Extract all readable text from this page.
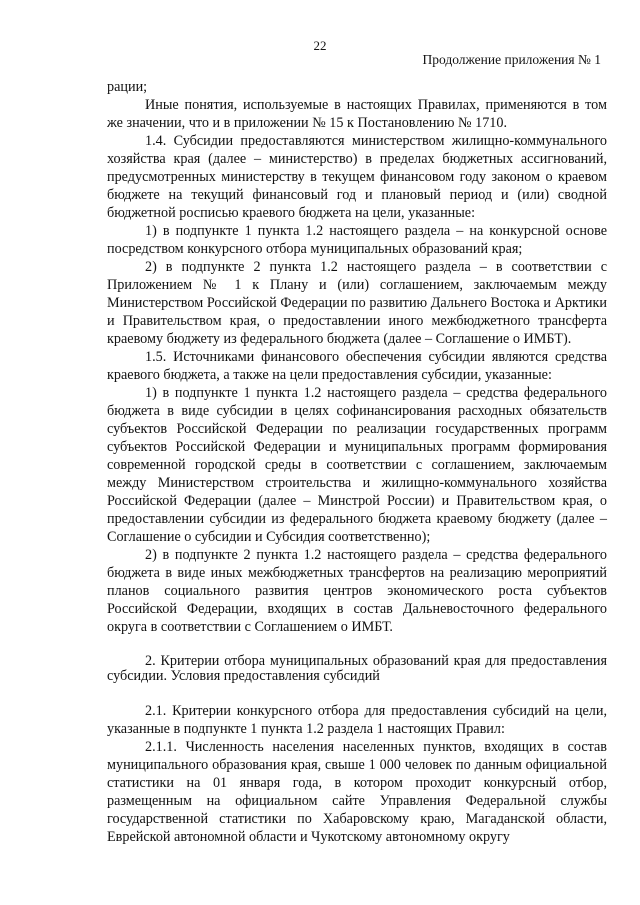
22
Продолжение приложения № 1

рации;

Иные понятия, используемые в настоящих Правилах, применяются в том же значении, что и в приложении № 15 к Постановлению № 1710.

1.4. Субсидии предоставляются министерством жилищно-коммунального хозяйства края (далее – министерство) в пределах бюджетных ассигнований, предусмотренных министерству в текущем финансовом году законом о краевом бюджете на текущий финансовый год и плановый период и (или) сводной бюджетной росписью краевого бюджета на цели, указанные:

1) в подпункте 1 пункта 1.2 настоящего раздела – на конкурсной основе посредством конкурсного отбора муниципальных образований края;

2) в подпункте 2 пункта 1.2 настоящего раздела – в соответствии с Приложением № 1 к Плану и (или) соглашением, заключаемым между Министерством Российской Федерации по развитию Дальнего Востока и Арктики и Правительством края, о предоставлении иного межбюджетного трансферта краевому бюджету из федерального бюджета (далее – Соглашение о ИМБТ).

1.5. Источниками финансового обеспечения субсидии являются средства краевого бюджета, а также на цели предоставления субсидии, указанные:

1) в подпункте 1 пункта 1.2 настоящего раздела – средства федерального бюджета в виде субсидии в целях софинансирования расходных обязательств субъектов Российской Федерации по реализации государственных программ субъектов Российской Федерации и муниципальных программ формирования современной городской среды в соответствии с соглашением, заключаемым между Министерством строительства и жилищно-коммунального хозяйства Российской Федерации (далее – Минстрой России) и Правительством края, о предоставлении субсидии из федерального бюджета краевому бюджету (далее – Соглашение о субсидии и Субсидия соответственно);

2) в подпункте 2 пункта 1.2 настоящего раздела – средства федерального бюджета в виде иных межбюджетных трансфертов на реализацию мероприятий планов социального развития центров экономического роста субъектов Российской Федерации, входящих в состав Дальневосточного федерального округа в соответствии с Соглашением о ИМБТ.

2. Критерии отбора муниципальных образований края для предоставления субсидии. Условия предоставления субсидий

2.1. Критерии конкурсного отбора для предоставления субсидий на цели, указанные в подпункте 1 пункта 1.2 раздела 1 настоящих Правил:

2.1.1. Численность населения населенных пунктов, входящих в состав муниципального образования края, свыше 1 000 человек по данным официальной статистики на 01 января года, в котором проходит конкурсный отбор, размещенным на официальном сайте Управления Федеральной службы государственной статистики по Хабаровскому краю, Магаданской области, Еврейской автономной области и Чукотскому автономному округу
